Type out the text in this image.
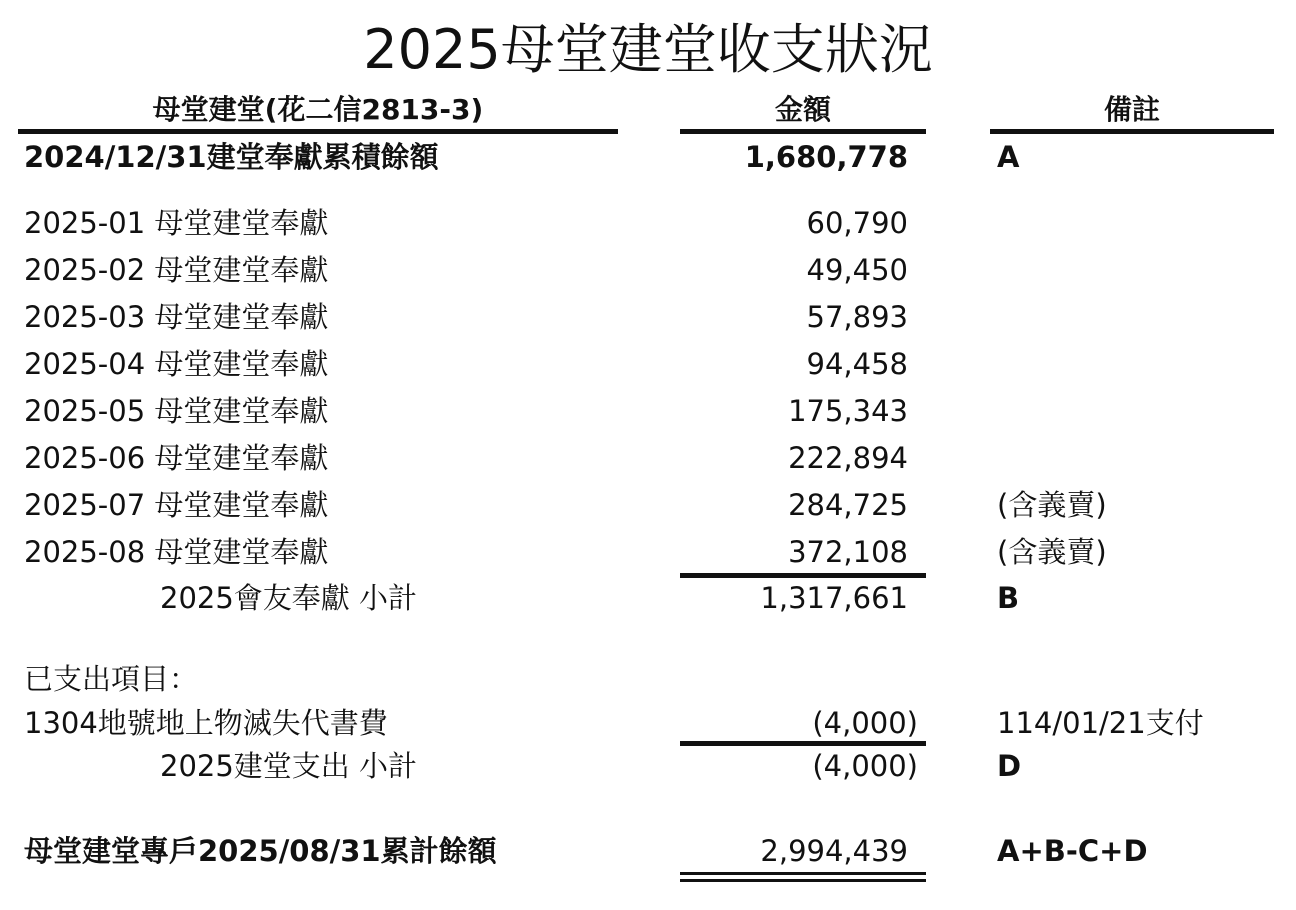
2025母堂建堂收支狀況
母堂建堂(花二信2813-3)	金額	備註
2024/12/31建堂奉獻累積餘額	1,680,778	A
2025-01 母堂建堂奉獻	60,790
2025-02 母堂建堂奉獻	49,450
2025-03 母堂建堂奉獻	57,893
2025-04 母堂建堂奉獻	94,458
2025-05 母堂建堂奉獻	175,343
2025-06 母堂建堂奉獻	222,894
2025-07 母堂建堂奉獻	284,725	(含義賣)
2025-08 母堂建堂奉獻	372,108	(含義賣)
2025會友奉獻 小計	1,317,661	B
已支出項目：
1304地號地上物滅失代書費	(4,000)	114/01/21支付
2025建堂支出 小計	(4,000)	D
母堂建堂專戶2025/08/31累計餘額	2,994,439	A+B-C+D
